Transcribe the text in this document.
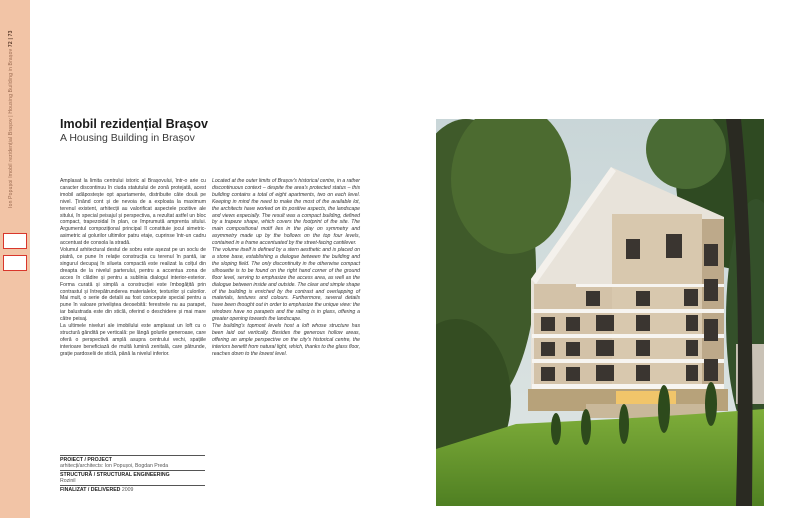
Ion Popușoi Imobil rezidențial Brașov | Housing Building in Brașov 72 | 73
Imobil rezidențial Brașov
A Housing Building in Brașov

Amplasat la limita centrului istoric al Brașovului, într-o arie cu caracter discontinuu în ciuda statutului de zonă protejată, acest imobil adăpostește opt apartamente, distribuite câte două pe nivel. Ținând cont și de nevoia de a exploata la maximum terenul existent, arhitecții au valorificat aspectele pozitive ale sitului, în special peisajul și perspectiva, a rezultat astfel un bloc compact, trapezoidal în plan, ce împrumută amprenta sitului. Argumentul compozițional principal îl constituie jocul simetric-asimetric al golurilor ultimilor patru etaje, cuprinse într-un cadru accentuat de consola la stradă.

Volumul arhitectural destul de sobru este așezat pe un soclu de piatră, ce pune în relație construcția cu terenul în pantă, iar singurul decupaj în silueta compactă este realizat la colțul din dreapta de la nivelul parterului, pentru a accentua zona de acces în clădire și pentru a sublinia dialogul interior-exterior. Forma curată și simplă a construcției este îmbogățită prin contrastul și întrepătrunderea materialelor, texturilor și culorilor. Mai mult, o serie de detalii au fost concepute special pentru a pune în valoare priveliștea deosebită: ferestrele nu au parapet, iar balustrada este din sticlă, oferind o deschidere și mai mare către peisaj.

La ultimele niveluri ale imobilului este amplasat un loft cu o structură gândită pe verticală: pe lângă golurile generoase, care oferă o perspectivă amplă asupra centrului vechi, spațiile interioare beneficiază de multă lumină zenitală, care pătrunde, grație pardoselii de sticlă, până la nivelul inferior.

Located at the outer limits of Brașov's historical centre, in a rather discontinuous context – despite the area's protected status – this building contains a total of eight apartments, two on each level. Keeping in mind the need to make the most of the available lot, the architects have worked on its positive aspects, the landscape and views especially. The result was a compact building, defined by a trapeze shape, which covers the footprint of the site. The main compositional motif lies in the play on symmetry and asymmetry made up by the hollows on the top four levels, contained in a frame accentuated by the street-facing cantilever.

The volume itself is defined by a stern aesthetic and is placed on a stone base, establishing a dialogue between the building and the sloping field. The only discontinuity in the otherwise compact silhouette is to be found on the right hand corner of the ground floor level, serving to emphasize the access area, as well as the dialogue between inside and outside. The clear and simple shape of the building is enriched by the contrast and overlapping of materials, textures and colours. Furthermore, several details have been thought out in order to emphasize the unique view: the windows have no parapets and the railing is in glass, offering a greater opening towards the landscape.

The building's topmost levels host a loft whose structure has been laid out vertically. Besides the generous hollow areas, offering an ample perspective on the city's historical centre, the interiors benefit from natural light, which, thanks to the glass floor, reaches down to the lowest level.

PROIECT / PROJECT
arhitecți/architects: Ion Popușoi, Bogdan Preda
STRUCTURĂ / STRUCTURAL ENGINEERING
Rozinil
FINALIZAT / DELIVERED 2009
